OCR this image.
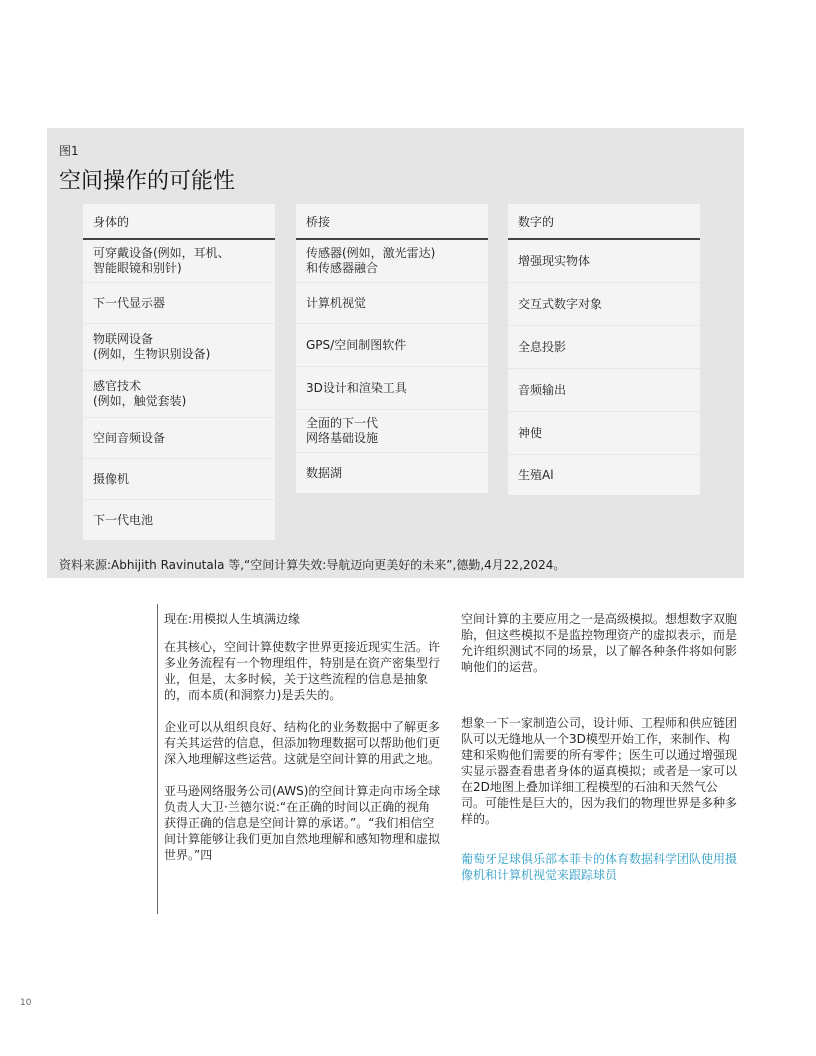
图1
空间操作的可能性
身体的
可穿戴设备(例如，耳机、
智能眼镜和别针)
下一代显示器
物联网设备
(例如，生物识别设备)
感官技术
(例如，触觉套装)
空间音频设备
摄像机
下一代电池
桥接
传感器(例如，激光雷达)
和传感器融合
计算机视觉
GPS/空间制图软件
3D设计和渲染工具
全面的下一代
网络基础设施
数据湖
数字的
增强现实物体
交互式数字对象
全息投影
音频输出
神使
生殖Al
资料来源:Abhijith Ravinutala 等,“空间计算失效:导航迈向更美好的未来”,德勤,4月22,2024。

现在:用模拟人生填满边缘

在其核心，空间计算使数字世界更接近现实生活。许多业务流程有一个物理组件，特别是在资产密集型行业，但是，太多时候，关于这些流程的信息是抽象的，而本质(和洞察力)是丢失的。

企业可以从组织良好、结构化的业务数据中了解更多有关其运营的信息，但添加物理数据可以帮助他们更深入地理解这些运营。这就是空间计算的用武之地。

亚马逊网络服务公司(AWS)的空间计算走向市场全球负责人大卫·兰德尔说:“在正确的时间以正确的视角获得正确的信息是空间计算的承诺。”。“我们相信空间计算能够让我们更加自然地理解和感知物理和虚拟世界。”四

空间计算的主要应用之一是高级模拟。想想数字双胞胎，但这些模拟不是监控物理资产的虚拟表示，而是允许组织测试不同的场景，以了解各种条件将如何影响他们的运营。

想象一下一家制造公司，设计师、工程师和供应链团队可以无缝地从一个3D模型开始工作，来制作、构建和采购他们需要的所有零件；医生可以通过增强现实显示器查看患者身体的逼真模拟；或者是一家可以在2D地图上叠加详细工程模型的石油和天然气公司。可能性是巨大的，因为我们的物理世界是多种多样的。

葡萄牙足球俱乐部本菲卡的体育数据科学团队使用摄像机和计算机视觉来跟踪球员

10
